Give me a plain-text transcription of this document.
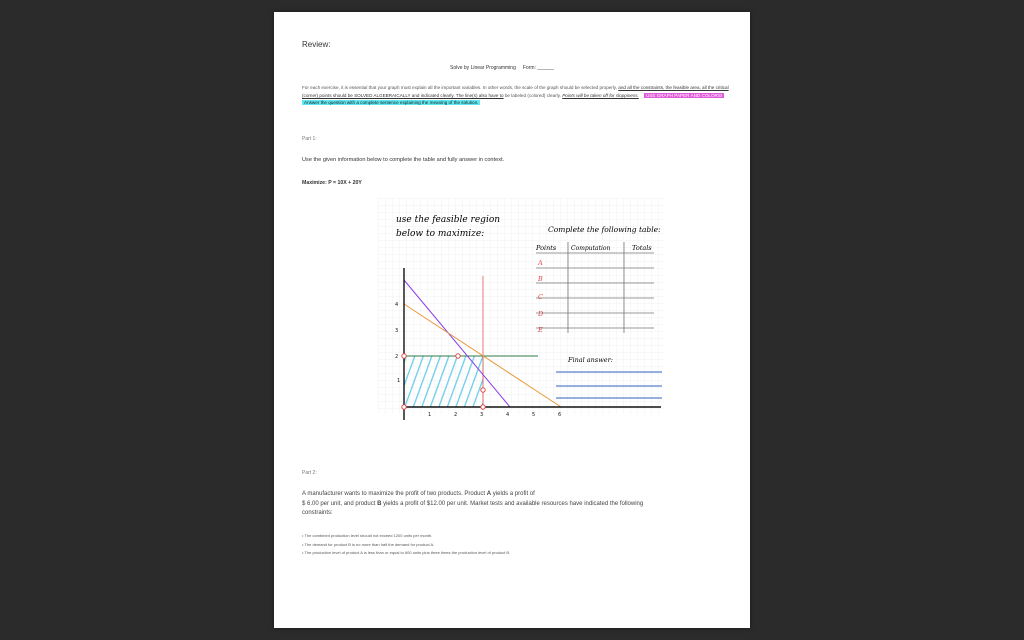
Review:
Solve by Linear Programming Form: ______
For each exercise, it is essential that your graph must explain all the important variables. In other words, the scale of the graph should be selected properly, and all the constraints, the feasible area, all the critical (corner) points should be SOLVED ALGEBRAICALLY and indicated clearly. The line(s) also have to be labeled (colored) clearly. Points will be taken off for sloppiness. USE GRAPH PAPER AND COLORS!   Answer the question with a complete sentence explaining the meaning of the solution.
Part 1:
Use the given information below to complete the table and fully answer in context.
Maximize: P = 10X + 20Y
use the feasible region
below to maximize:	Complete the following table:
Points Computation	Totals
A
B
C
D
E
Final answer:
1	2	3	4	5	6
1
2
3
4
Part 2:
A manufacturer wants to maximize the profit of two products. Product A yields a profit of
$ 6.00 per unit, and product B yields a profit of $12.00 per unit. Market tests and available resources have indicated the following
constraints:
• The combined production level should not exceed 1200 units per month.
• The demand for product B is no more than half the demand for product A.
• The production level of product A is less than or equal to 600 units plus three times the production level of product B.
